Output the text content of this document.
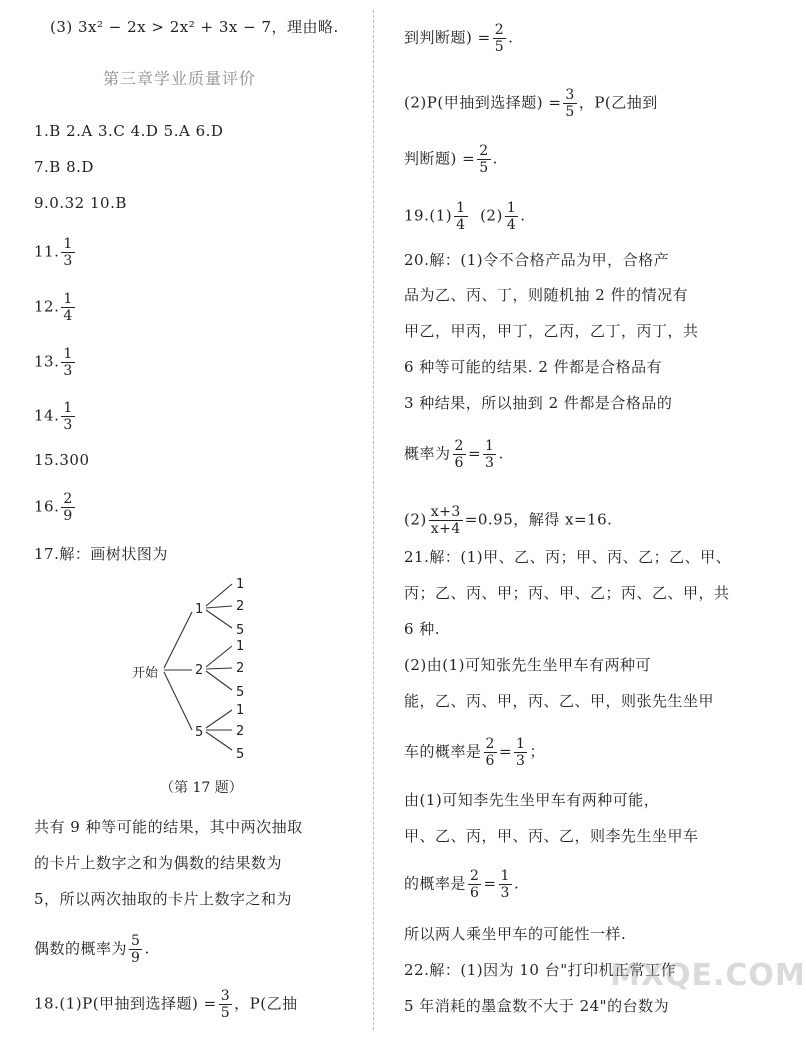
(3) 3x² − 2x > 2x² + 3x − 7，理由略.
第三章学业质量评价
1.B 2.A 3.C 4.D 5.A 6.D
7.B 8.D
9.0.32 10.B
11. $\frac{1}{3}$
12. $\frac{1}{4}$
13. $\frac{1}{3}$
14. $\frac{1}{3}$
15.300
16. $\frac{2}{9}$
17.解：画树状图为
开始
1
2
5
1
2
5
1
2
5
1
2
5
（第 17 题）
共有 9 种等可能的结果，其中两次抽取
的卡片上数字之和为偶数的结果数为
5，所以两次抽取的卡片上数字之和为
偶数的概率为 $\frac{5}{9}$ .
18.(1)P(甲抽到选择题) = $\frac{3}{5}$ ，P(乙抽
到判断题) = $\frac{2}{5}$ .
(2)P(甲抽到选择题) = $\frac{3}{5}$ ，P(乙抽到
判断题) = $\frac{2}{5}$ .
$19.(1) \frac{1}{4} (2) \frac{1}{4}$ .
20.解：(1)令不合格产品为甲，合格产
品为乙、丙、丁，则随机抽 2 件的情况有
甲乙，甲丙，甲丁，乙丙，乙丁，丙丁，共
6 种等可能的结果. 2 件都是合格品有
3 种结果，所以抽到 2 件都是合格品的
概率为 $\frac{2}{6} = \frac{1}{3}$ .
$(2) \frac{x+3}{x+4} =0.95$，解得 x=16.
21.解：(1)甲、乙、丙；甲、丙、乙；乙、甲、
丙；乙、丙、甲；丙、甲、乙；丙、乙、甲，共
6 种.
(2)由(1)可知张先生坐甲车有两种可
能，乙、丙、甲，丙、乙、甲，则张先生坐甲
车的概率是 $\frac{2}{6} = \frac{1}{3}$ ；
由(1)可知李先生坐甲车有两种可能，
甲、乙、丙，甲、丙、乙，则李先生坐甲车
的概率是 $\frac{2}{6} = \frac{1}{3}$ .
所以两人乘坐甲车的可能性一样.
22.解：(1)因为 10 台"打印机正常工作
5 年消耗的墨盒数不大于 24"的台数为
MXQE.COM
